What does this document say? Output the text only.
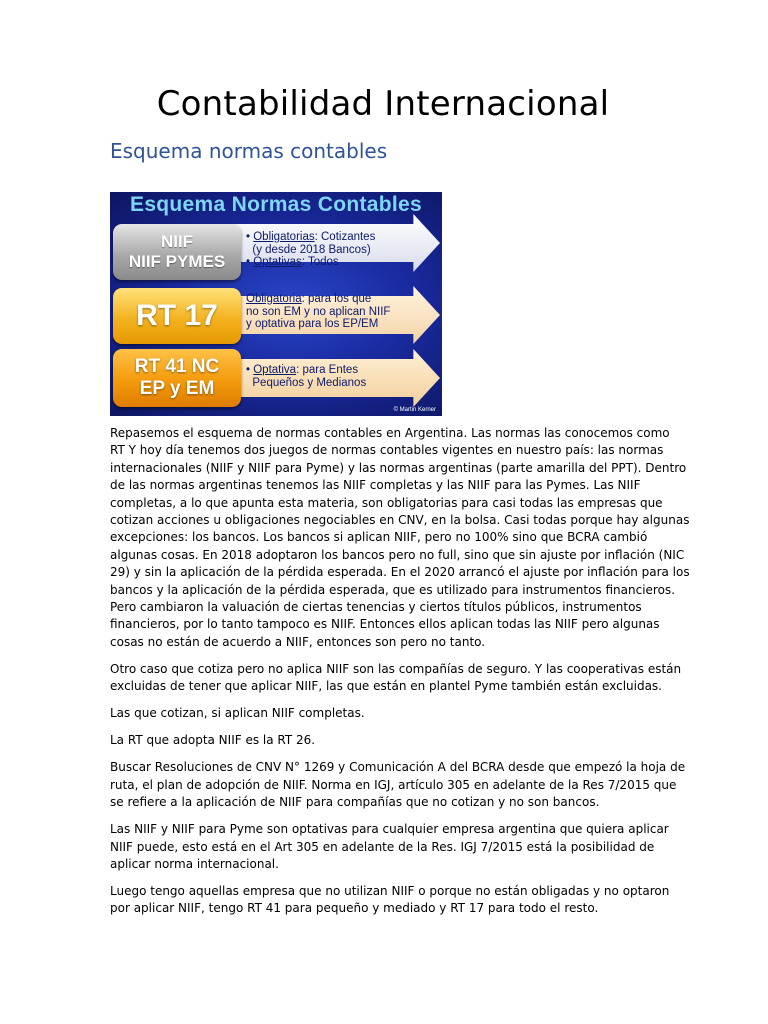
Contabilidad Internacional
Esquema normas contables
Esquema Normas Contables
NIIF
NIIF PYMES
RT 17
RT 41 NC
EP y EM
• Obligatorias: Cotizantes
(y desde 2018 Bancos)
• Optativas: Todos
Obligatoria: para los que
no son EM y no aplican NIIF
y optativa para los EP/EM
• Optativa: para Entes
Pequeños y Medianos
© Martin Kerner

Repasemos el esquema de normas contables en Argentina. Las normas las conocemos como
RT Y hoy día tenemos dos juegos de normas contables vigentes en nuestro país: las normas
internacionales (NIIF y NIIF para Pyme) y las normas argentinas (parte amarilla del PPT). Dentro
de las normas argentinas tenemos las NIIF completas y las NIIF para las Pymes. Las NIIF
completas, a lo que apunta esta materia, son obligatorias para casi todas las empresas que
cotizan acciones u obligaciones negociables en CNV, en la bolsa. Casi todas porque hay algunas
excepciones: los bancos. Los bancos si aplican NIIF, pero no 100% sino que BCRA cambió
algunas cosas. En 2018 adoptaron los bancos pero no full, sino que sin ajuste por inflación (NIC
29) y sin la aplicación de la pérdida esperada. En el 2020 arrancó el ajuste por inflación para los
bancos y la aplicación de la pérdida esperada, que es utilizado para instrumentos financieros.
Pero cambiaron la valuación de ciertas tenencias y ciertos títulos públicos, instrumentos
financieros, por lo tanto tampoco es NIIF. Entonces ellos aplican todas las NIIF pero algunas
cosas no están de acuerdo a NIIF, entonces son pero no tanto.

Otro caso que cotiza pero no aplica NIIF son las compañías de seguro. Y las cooperativas están
excluidas de tener que aplicar NIIF, las que están en plantel Pyme también están excluidas.

Las que cotizan, si aplican NIIF completas.

La RT que adopta NIIF es la RT 26.

Buscar Resoluciones de CNV N° 1269 y Comunicación A del BCRA desde que empezó la hoja de
ruta, el plan de adopción de NIIF. Norma en IGJ, artículo 305 en adelante de la Res 7/2015 que
se refiere a la aplicación de NIIF para compañías que no cotizan y no son bancos.

Las NIIF y NIIF para Pyme son optativas para cualquier empresa argentina que quiera aplicar
NIIF puede, esto está en el Art 305 en adelante de la Res. IGJ 7/2015 está la posibilidad de
aplicar norma internacional.

Luego tengo aquellas empresa que no utilizan NIIF o porque no están obligadas y no optaron
por aplicar NIIF, tengo RT 41 para pequeño y mediado y RT 17 para todo el resto.
